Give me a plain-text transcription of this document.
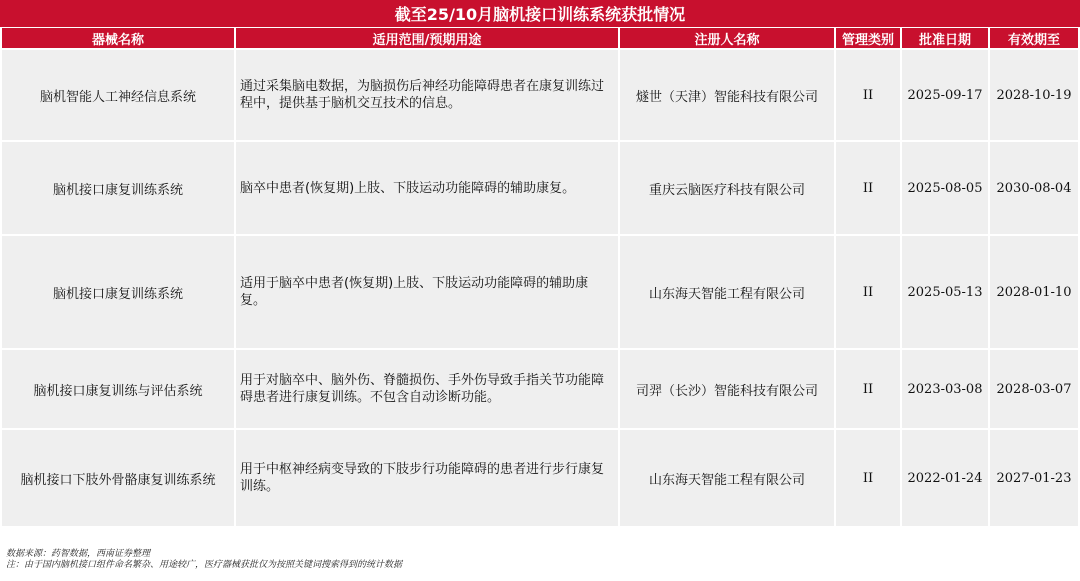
截至25/10月脑机接口训练系统获批情况
器械名称	适用范围/预期用途	注册人名称	管理类别	批准日期	有效期至
脑机智能人工神经信息系统	通过采集脑电数据，为脑损伤后神经功能障碍患者在康复训练过程中，提供基于脑机交互技术的信息。	燧世（天津）智能科技有限公司	II	2025-09-17	2028-10-19
脑机接口康复训练系统	脑卒中患者(恢复期)上肢、下肢运动功能障碍的辅助康复。	重庆云脑医疗科技有限公司	II	2025-08-05	2030-08-04
脑机接口康复训练系统	适用于脑卒中患者(恢复期)上肢、下肢运动功能障碍的辅助康复。	山东海天智能工程有限公司	II	2025-05-13	2028-01-10
脑机接口康复训练与评估系统	用于对脑卒中、脑外伤、脊髓损伤、手外伤导致手指关节功能障碍患者进行康复训练。不包含自动诊断功能。	司羿（长沙）智能科技有限公司	II	2023-03-08	2028-03-07
脑机接口下肢外骨骼康复训练系统	用于中枢神经病变导致的下肢步行功能障碍的患者进行步行康复训练。	山东海天智能工程有限公司	II	2022-01-24	2027-01-23
数据来源：药智数据，西南证券整理
注：由于国内脑机接口组件命名繁杂、用途较广，医疗器械获批仅为按照关键词搜索得到的统计数据
